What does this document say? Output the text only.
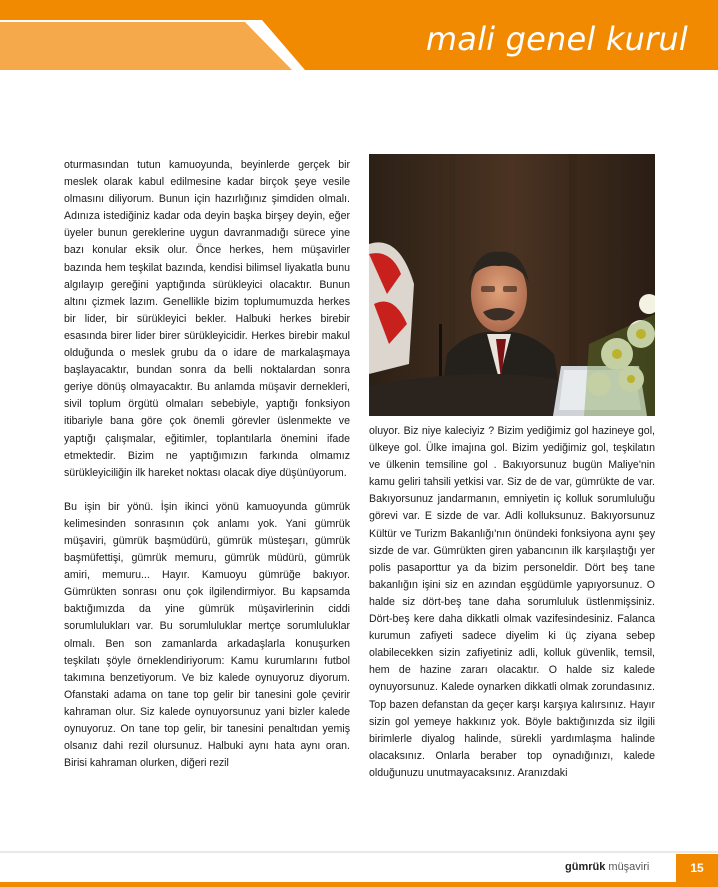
mali genel kurul

oturmasından tutun kamuoyunda, beyinlerde gerçek bir meslek olarak kabul edilmesine kadar birçok şeye vesile olmasını diliyorum. Bunun için hazırlığınız şimdiden olmalı. Adınıza istediğiniz kadar oda deyin başka birşey deyin, eğer üyeler bunun gereklerine uygun davranmadığı sürece yine bazı konular eksik olur. Önce herkes, hem müşavirler bazında hem teşkilat bazında, kendisi bilimsel liyakatla bunu algılayıp gereğini yaptığında sürükleyici olacaktır. Bunun altını çizmek lazım. Genellikle bizim toplumumuzda herkes bir lider, bir sürükleyici bekler. Halbuki herkes birebir esasında birer lider birer sürükleyicidir. Herkes birebir makul olduğunda o meslek grubu da o idare de markalaşmaya başlayacaktır, bundan sonra da belli noktalardan sonra geriye dönüş olmayacaktır. Bu anlamda müşavir dernekleri, sivil toplum örgütü olmaları sebebiyle, yaptığı fonksiyon itibariyle bana göre çok önemli görevler üslenmekte ve yaptığı çalışmalar, eğitimler, toplantılarla önemini ifade etmektedir. Bizim ne yaptığımızın farkında olmamız sürükleyiciliğin ilk hareket noktası olacak diye düşünüyorum.

Bu işin bir yönü. İşin ikinci yönü kamuoyunda gümrük kelimesinden sonrasının çok anlamı yok. Yani gümrük müşaviri, gümrük başmüdürü, gümrük müsteşarı, gümrük başmüfettişi, gümrük memuru, gümrük müdürü, gümrük amiri, memuru... Hayır. Kamuoyu gümrüğe bakıyor. Gümrükten sonrası onu çok ilgilendirmiyor. Bu kapsamda baktığımızda da yine gümrük müşavirlerinin ciddi sorumlulukları var. Bu sorumluluklar mertçe sorumluluklar olmalı. Ben son zamanlarda arkadaşlarla konuşurken teşkilatı şöyle örneklendiriyorum: Kamu kurumlarını futbol takımına benzetiyorum. Ve biz kalede oynuyoruz diyorum. Ofanstaki adama on tane top gelir bir tanesini gole çevirir kahraman olur. Siz kalede oynuyorsunuz yani bizler kalede oynuyoruz. On tane top gelir, bir tanesini penaltıdan yemiş olsanız dahi rezil olursunuz. Halbuki aynı hata aynı oran. Birisi kahraman olurken, diğeri rezil

oluyor. Biz niye kaleciyiz ? Bizim yediğimiz gol hazineye gol, ülkeye gol. Ülke imajına gol. Bizim yediğimiz gol, teşkilatın ve ülkenin temsiline gol . Bakıyorsunuz bugün Maliye'nin kamu geliri tahsili yetkisi var. Siz de de var, gümrükte de var. Bakıyorsunuz jandarmanın, emniyetin iç kolluk sorumluluğu görevi var. E sizde de var. Adli kolluksunuz. Bakıyorsunuz Kültür ve Turizm Bakanlığı'nın önündeki fonksiyona aynı şey sizde de var. Gümrükten giren yabancının ilk karşılaştığı yer polis pasaporttur ya da bizim personeldir. Dört beş tane bakanlığın işini siz en azından eşgüdümle yapıyorsunuz. O halde siz dört-beş tane daha sorumluluk üstlenmişsiniz. Dört-beş kere daha dikkatli olmak vazifesindesiniz. Falanca kurumun zafiyeti sadece diyelim ki üç ziyana sebep olabilecekken sizin zafiyetiniz adli, kolluk güvenlik, temsil, hem de hazine zararı olacaktır. O halde siz kalede oynuyorsunuz. Kalede oynarken dikkatli olmak zorundasınız. Top bazen defanstan da geçer karşı karşıya kalırsınız. Hayır sizin gol yemeye hakkınız yok. Böyle baktığınızda siz ilgili birimlerle diyalog halinde, sürekli yardımlaşma halinde olacaksınız. Onlarla beraber top oynadığınızı, kalede olduğunuzu unutmayacaksınız. Aranızdaki

gümrük müşaviri	15
